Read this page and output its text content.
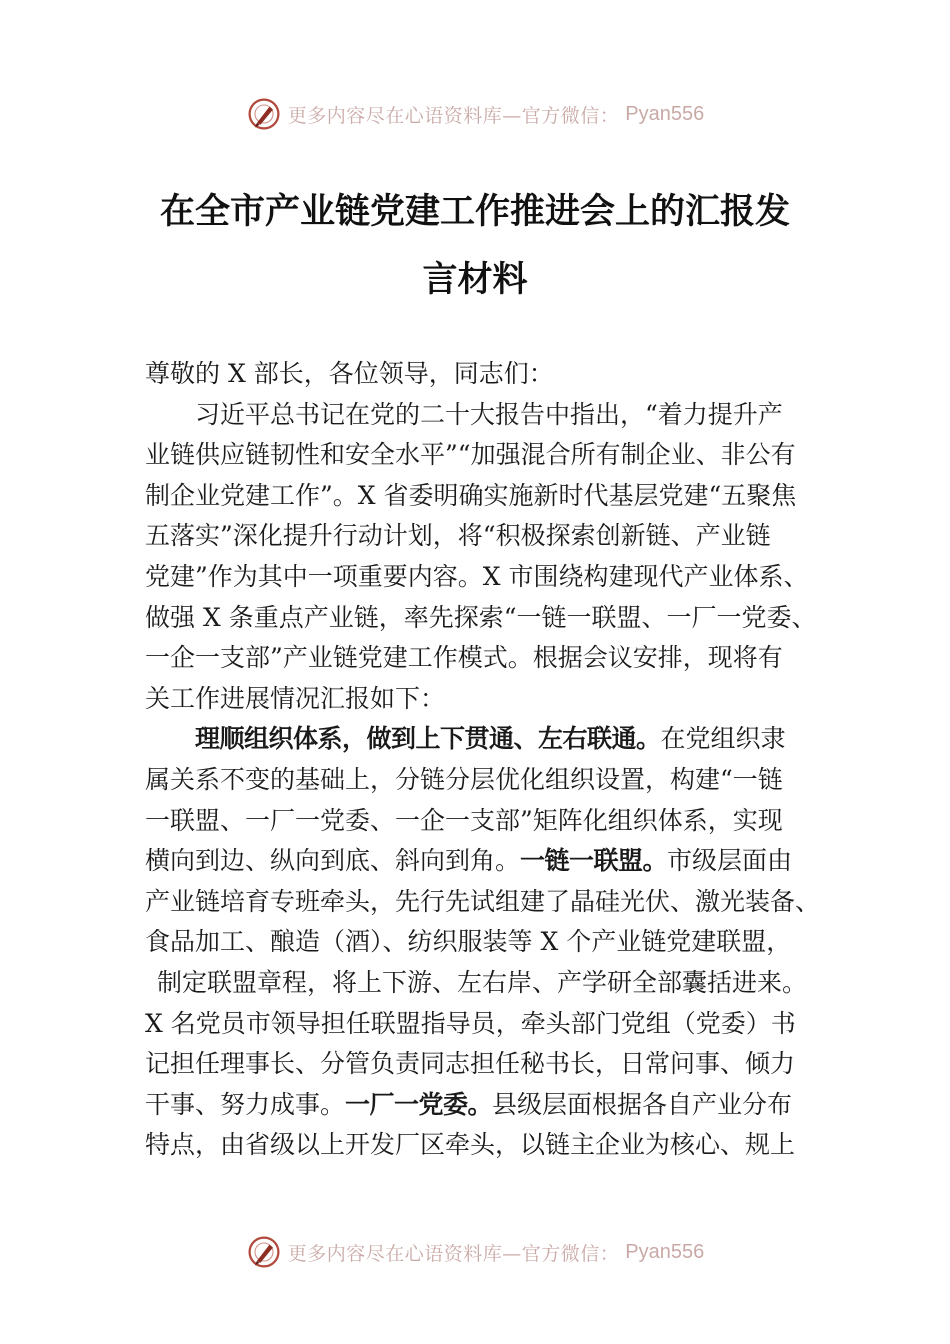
更多内容尽在心语资料库—官方微信： Pyan556
在全市产业链党建工作推进会上的汇报发
言材料
尊敬的 X 部长，各位领导，同志们：
习近平总书记在党的二十大报告中指出，“着力提升产
业链供应链韧性和安全水平”“加强混合所有制企业、非公有
制企业党建工作”。X 省委明确实施新时代基层党建“五聚焦
五落实”深化提升行动计划，将“积极探索创新链、产业链
党建”作为其中一项重要内容。X 市围绕构建现代产业体系、
做强 X 条重点产业链，率先探索“一链一联盟、一⼚一党委、
一企一支部”产业链党建工作模式。根据会议安排，现将有
关工作进展情况汇报如下：
理顺组织体系，做到上下贯通、左右联通。 在党组织隶
属关系不变的基础上，分链分层优化组织设置，构建“一链
一联盟、一⼚一党委、一企一支部”矩阵化组织体系，实现
横向到边、纵向到底、斜向到角。 一链一联盟。 市级层面由
产业链培育专班牵头，先行先试组建了晶硅光伏、激光装备、
食品加工、酿造（酒）、纺织服装等 X 个产业链党建联盟，
制定联盟章程，将上下游、左右岸、产学研全部囊括进来。
X 名党员市领导担任联盟指导员，牵头部门党组（党委）书
记担任理事长、分管负责同志担任秘书长，日常问事、倾力
干事、努力成事。 一⼚一党委。 县级层面根据各自产业分布
特点，由省级以上开发⼚区牵头，以链主企业为核心、规上
更多内容尽在心语资料库—官方微信： Pyan556
